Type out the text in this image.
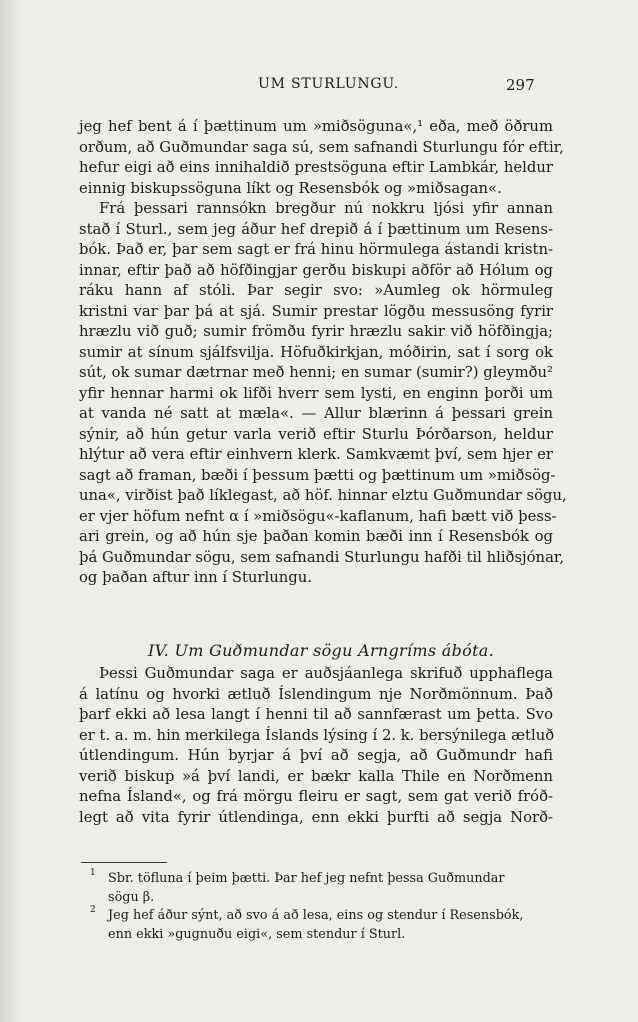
UM STURLUNGU.	297
jeg hef bent á í þættinum um »miðsöguna«,¹ eða, með öðrum
orðum, að Guðmundar saga sú, sem safnandi Sturlungu fór eftir,
hefur eigi að eins innihaldið prestsöguna eftir Lambkár, heldur
einnig biskupssöguna líkt og Resensbók og »miðsagan«.
Frá þessari rannsókn bregður nú nokkru ljósi yfir annan
stað í Sturl., sem jeg áður hef drepið á í þættinum um Resens-
bók. Það er, þar sem sagt er frá hinu hörmulega ástandi kristn-
innar, eftir það að höfðingjar gerðu biskupi aðför að Hólum og
ráku hann af stóli. Þar segir svo: »Aumleg ok hörmuleg
kristni var þar þá at sjá. Sumir prestar lögðu messusöng fyrir
hræzlu við guð; sumir frömðu fyrir hræzlu sakir við höfðingja;
sumir at sínum sjálfsvilja. Höfuðkirkjan, móðirin, sat í sorg ok
sút, ok sumar dætrnar með henni; en sumar (sumir?) gleymðu²
yfir hennar harmi ok lifði hverr sem lysti, en enginn þorði um
at vanda né satt at mæla«. — Allur blærinn á þessari grein
sýnir, að hún getur varla verið eftir Sturlu Þórðarson, heldur
hlýtur að vera eftir einhvern klerk. Samkvæmt því, sem hjer er
sagt að framan, bæði í þessum þætti og þættinum um »miðsög-
una«, virðist það líklegast, að höf. hinnar elztu Guðmundar sögu,
er vjer höfum nefnt α í »miðsögu«-kaflanum, hafi bætt við þess-
ari grein, og að hún sje þaðan komin bæði inn í Resensbók og
þá Guðmundar sögu, sem safnandi Sturlungu hafði til hliðsjónar,
og þaðan aftur inn í Sturlungu.
IV. Um Guðmundar sögu Arngríms ábóta.
Þessi Guðmundar saga er auðsjáanlega skrifuð upphaflega
á latínu og hvorki ætluð Íslendingum nje Norðmönnum. Það
þarf ekki að lesa langt í henni til að sannfærast um þetta. Svo
er t. a. m. hin merkilega Íslands lýsing í 2. k. bersýnilega ætluð
útlendingum. Hún byrjar á því að segja, að Guðmundr hafi
verið biskup »á því landi, er bækr kalla Thile en Norðmenn
nefna Ísland«, og frá mörgu fleiru er sagt, sem gat verið fróð-
legt að vita fyrir útlendinga, enn ekki þurfti að segja Norð-
1 Sbr. töfluna í þeim þætti. Þar hef jeg nefnt þessa Guðmundar
sögu β.
2 Jeg hef áður sýnt, að svo á að lesa, eins og stendur í Resensbók,
enn ekki »gugnuðu eigi«, sem stendur í Sturl.
